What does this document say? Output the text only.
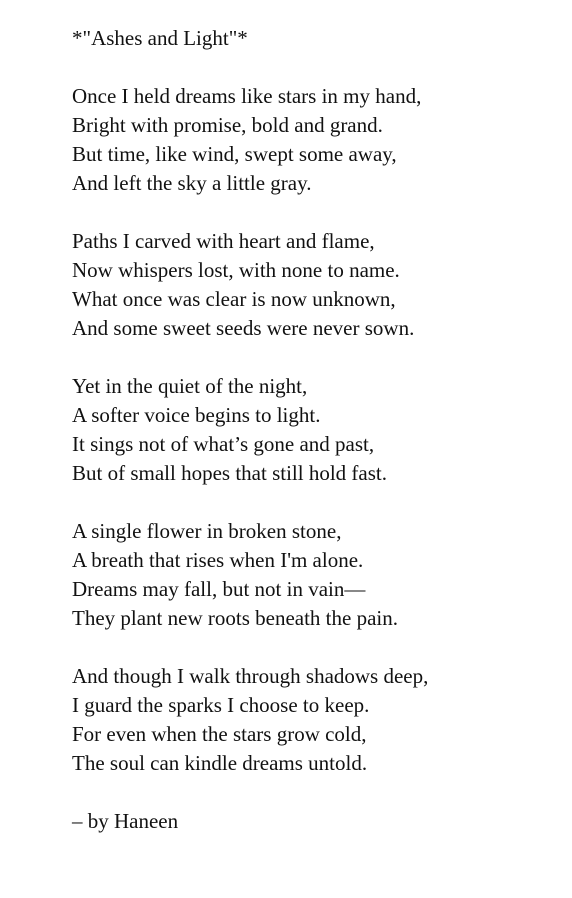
*"Ashes and Light"*
Once I held dreams like stars in my hand,
Bright with promise, bold and grand.
But time, like wind, swept some away,
And left the sky a little gray.
Paths I carved with heart and flame,
Now whispers lost, with none to name.
What once was clear is now unknown,
And some sweet seeds were never sown.
Yet in the quiet of the night,
A softer voice begins to light.
It sings not of what’s gone and past,
But of small hopes that still hold fast.
A single flower in broken stone,
A breath that rises when I'm alone.
Dreams may fall, but not in vain—
They plant new roots beneath the pain.
And though I walk through shadows deep,
I guard the sparks I choose to keep.
For even when the stars grow cold,
The soul can kindle dreams untold.
– by Haneen
